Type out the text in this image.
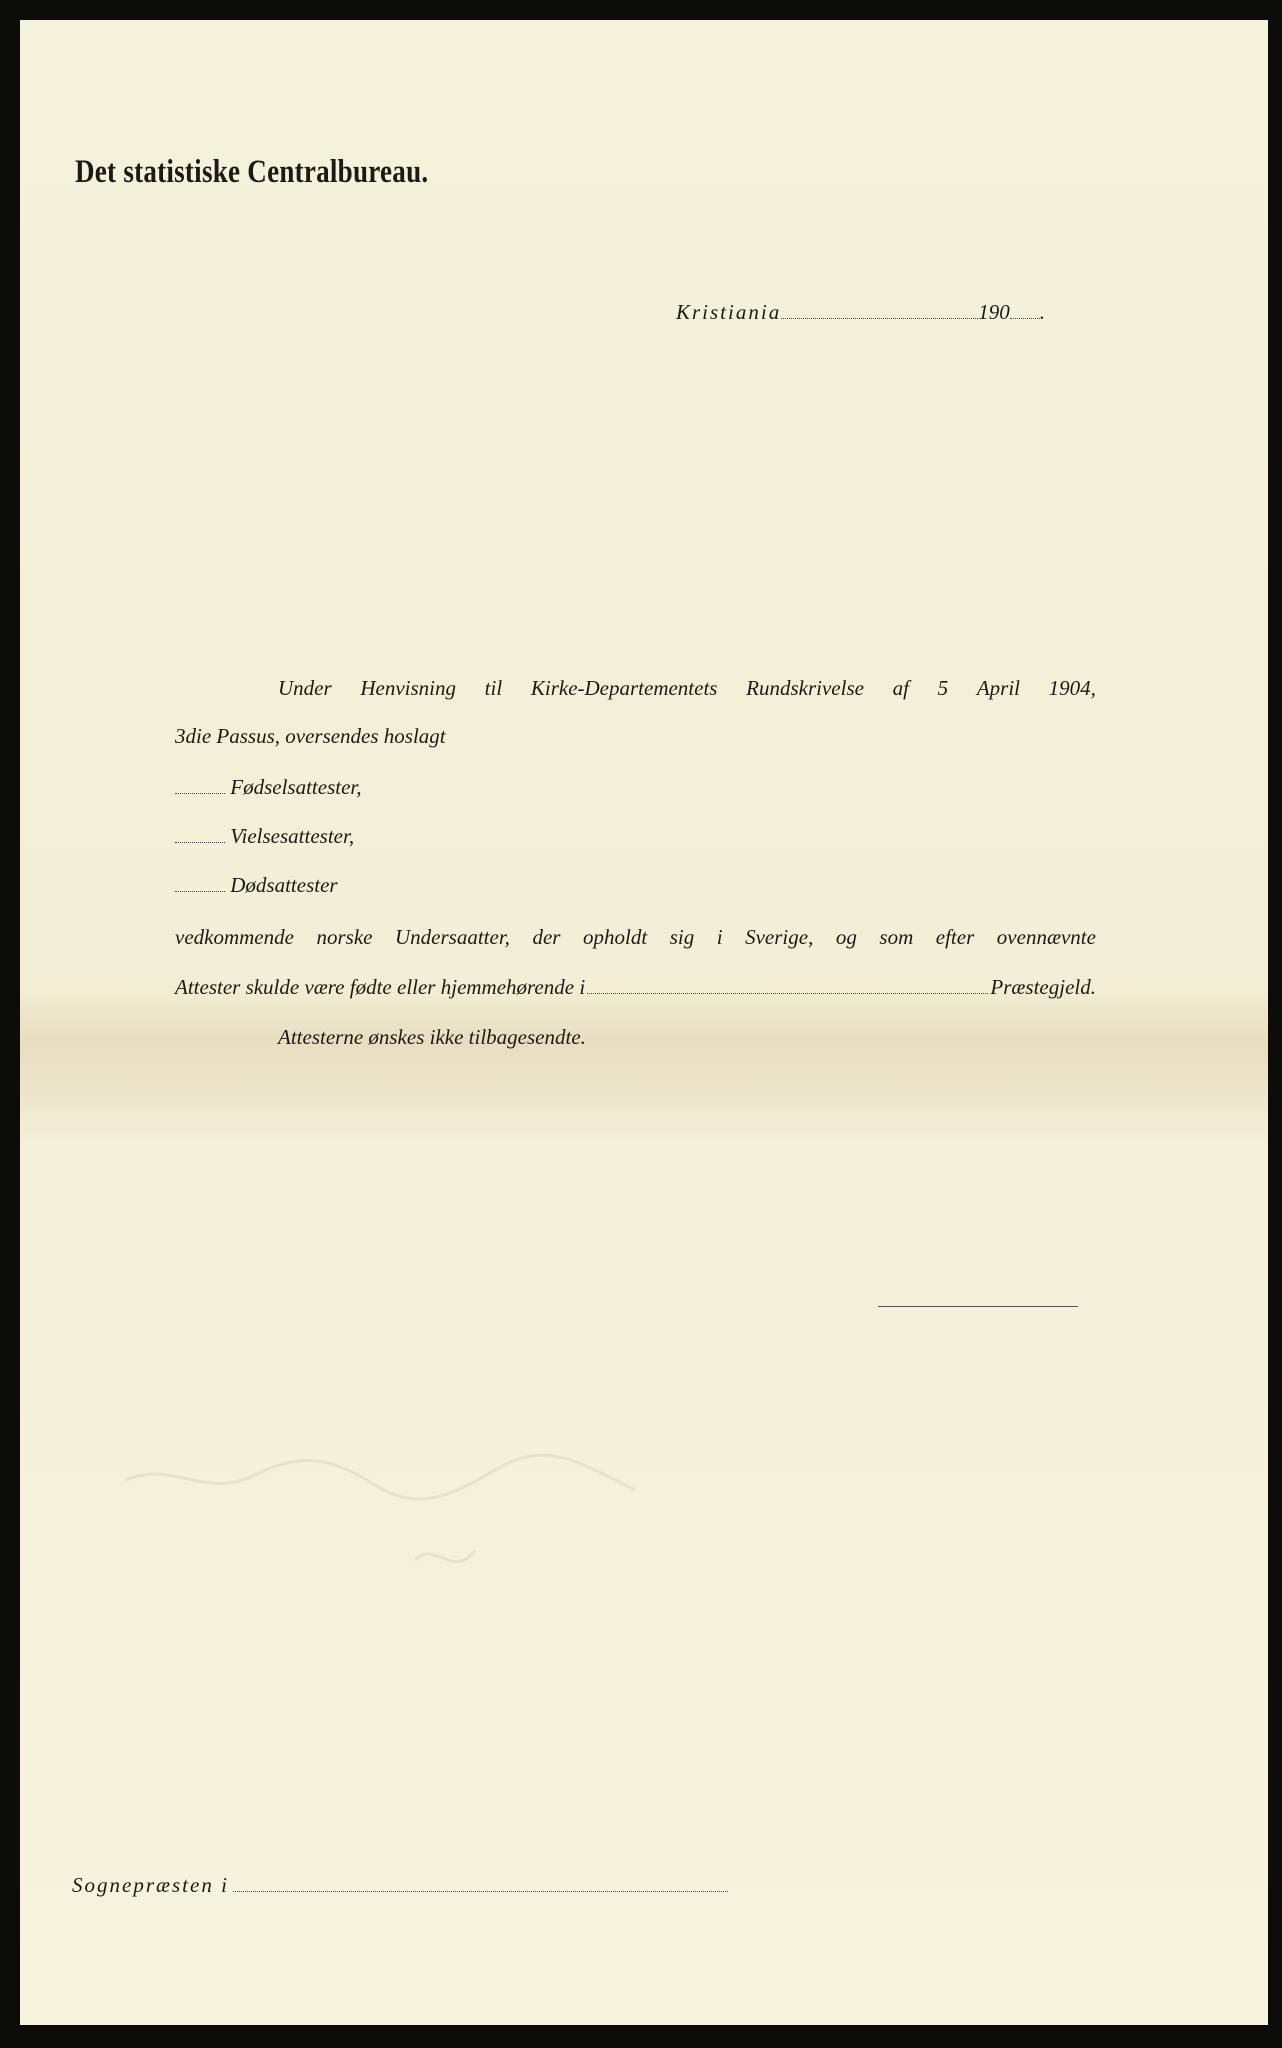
Det statistiske Centralbureau.
Kristiania	190 .
Under Henvisning til Kirke-Departementets Rundskrivelse af 5 April 1904,
3die Passus, oversendes hoslagt
Fødselsattester,
Vielsesattester,
Dødsattester
vedkommende norske Undersaatter, der opholdt sig i Sverige, og som efter ovennævnte
Attester skulde være fødte eller hjemmehørende i	Præstegjeld.
Attesterne ønskes ikke tilbagesendte.
Sognepræsten i
